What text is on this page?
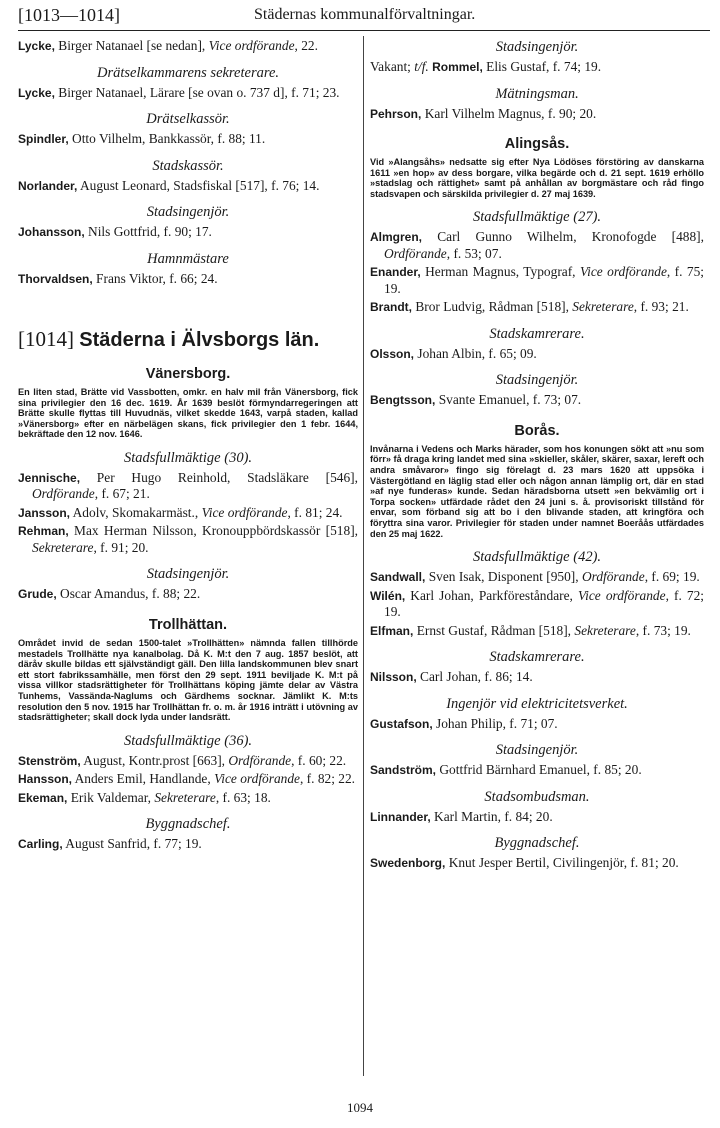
[1013—1014]	Städernas kommunalförvaltningar.
Lycke, Birger Natanael [se nedan], Vice ordförande, 22.
Drätselkammarens sekreterare.
Lycke, Birger Natanael, Lärare [se ovan o. 737 d], f. 71; 23.
Drätselkassör.
Spindler, Otto Vilhelm, Bankkassör, f. 88; 11.
Stadskassör.
Norlander, August Leonard, Stadsfiskal [517], f. 76; 14.
Stadsingenjör.
Johansson, Nils Gottfrid, f. 90; 17.
Hamnmästare
Thorvaldsen, Frans Viktor, f. 66; 24.
[1014] Städerna i Älvsborgs län.
Vänersborg.
En liten stad, Brätte vid Vassbotten, omkr. en halv mil från Vänersborg, fick sina privilegier den 16 dec. 1619. År 1639 beslöt förmyndarregeringen att Brätte skulle flyttas till Huvudnäs, vilket skedde 1643, varpå staden, kallad »Vänersborg» efter en närbelägen skans, fick privilegier den 1 febr. 1644, bekräftade den 12 nov. 1646.
Stadsfullmäktige (30).
Jennische, Per Hugo Reinhold, Stadsläkare [546], Ordförande, f. 67; 21.
Jansson, Adolv, Skomakarmäst., Vice ordförande, f. 81; 24.
Rehman, Max Herman Nilsson, Kronouppbördskassör [518], Sekreterare, f. 91; 20.
Stadsingenjör.
Grude, Oscar Amandus, f. 88; 22.
Trollhättan.
Området invid de sedan 1500-talet »Trollhätten» nämnda fallen tillhörde mestadels Trollhätte nya kanalbolag. Då K. M:t den 7 aug. 1857 beslöt, att däråv skulle bildas ett självständigt gäll. Den lilla landskommunen blev snart ett stort fabrikssamhälle, men först den 29 sept. 1911 beviljade K. M:t på vissa villkor stadsrättigheter för Trollhättans köping jämte delar av Västra Tunhems, Vassända-Naglums och Gärdhems socknar. Jämlikt K. M:ts resolution den 5 nov. 1915 har Trollhättan fr. o. m. år 1916 inträtt i utövning av stadsrättigheter; skall dock lyda under landsrätt.
Stadsfullmäktige (36).
Stenström, August, Kontr.prost [663], Ordförande, f. 60; 22.
Hansson, Anders Emil, Handlande, Vice ordförande, f. 82; 22.
Ekeman, Erik Valdemar, Sekreterare, f. 63; 18.
Byggnadschef.
Carling, August Sanfrid, f. 77; 19.
Stadsingenjör.
Vakant; t/f. Rommel, Elis Gustaf, f. 74; 19.
Mätningsman.
Pehrson, Karl Vilhelm Magnus, f. 90; 20.
Alingsås.
Vid »Alangsåhs» nedsatte sig efter Nya Lödöses förstöring av danskarna 1611 »en hop» av dess borgare, vilka begärde och d. 21 sept. 1619 erhöllo »stadslag och rättighet» samt på anhållan av borgmästare och råd fingo stadsvapen och särskilda privilegier d. 27 maj 1639.
Stadsfullmäktige (27).
Almgren, Carl Gunno Wilhelm, Kronofogde [488], Ordförande, f. 53; 07.
Enander, Herman Magnus, Typograf, Vice ordförande, f. 75; 19.
Brandt, Bror Ludvig, Rådman [518], Sekreterare, f. 93; 21.
Stadskamrerare.
Olsson, Johan Albin, f. 65; 09.
Stadsingenjör.
Bengtsson, Svante Emanuel, f. 73; 07.
Borås.
Invånarna i Vedens och Marks härader, som hos konungen sökt att »nu som förr» få draga kring landet med sina »skieller, skåler, skärer, saxar, lereft och andra småvaror» fingo sig förelagt d. 23 mars 1620 att uppsöka i Västergötland en läglig stad eller och någon annan lämplig ort, där en stad »af nye funderas» kunde. Sedan häradsborna utsett »en bekvämlig ort i Torpa socken» utfärdade rådet den 24 juni s. å. provisoriskt tillstånd för envar, som förband sig att bo i den blivande staden, att kringföra och föryttra sina varor. Privilegier för staden under namnet Boeråås utfärdades den 25 maj 1622.
Stadsfullmäktige (42).
Sandwall, Sven Isak, Disponent [950], Ordförande, f. 69; 19.
Wilén, Karl Johan, Parkföreståndare, Vice ordförande, f. 72; 19.
Elfman, Ernst Gustaf, Rådman [518], Sekreterare, f. 73; 19.
Stadskamrerare.
Nilsson, Carl Johan, f. 86; 14.
Ingenjör vid elektricitetsverket.
Gustafson, Johan Philip, f. 71; 07.
Stadsingenjör.
Sandström, Gottfrid Bärnhard Emanuel, f. 85; 20.
Stadsombudsman.
Linnander, Karl Martin, f. 84; 20.
Byggnadschef.
Swedenborg, Knut Jesper Bertil, Civilingenjör, f. 81; 20.
1094
